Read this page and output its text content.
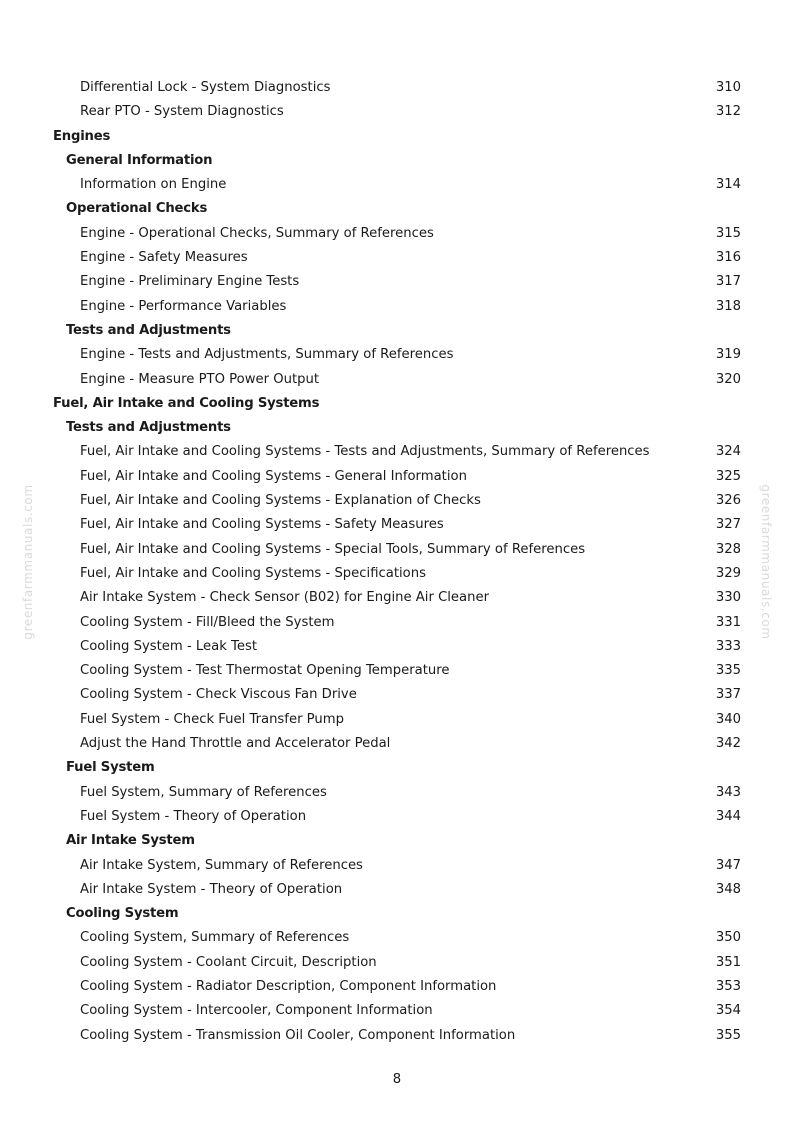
greenfarmmanuals.com	greenfarmmanuals.com
Differential Lock - System Diagnostics	310
Rear PTO - System Diagnostics	312
Engines
General Information
Information on Engine	314
Operational Checks
Engine - Operational Checks, Summary of References	315
Engine - Safety Measures	316
Engine - Preliminary Engine Tests	317
Engine - Performance Variables	318
Tests and Adjustments
Engine - Tests and Adjustments, Summary of References	319
Engine - Measure PTO Power Output	320
Fuel, Air Intake and Cooling Systems
Tests and Adjustments
Fuel, Air Intake and Cooling Systems - Tests and Adjustments, Summary of References	324
Fuel, Air Intake and Cooling Systems - General Information	325
Fuel, Air Intake and Cooling Systems - Explanation of Checks	326
Fuel, Air Intake and Cooling Systems - Safety Measures	327
Fuel, Air Intake and Cooling Systems - Special Tools, Summary of References	328
Fuel, Air Intake and Cooling Systems - Specifications	329
Air Intake System - Check Sensor (B02) for Engine Air Cleaner	330
Cooling System - Fill/Bleed the System	331
Cooling System - Leak Test	333
Cooling System - Test Thermostat Opening Temperature	335
Cooling System - Check Viscous Fan Drive	337
Fuel System - Check Fuel Transfer Pump	340
Adjust the Hand Throttle and Accelerator Pedal	342
Fuel System
Fuel System, Summary of References	343
Fuel System - Theory of Operation	344
Air Intake System
Air Intake System, Summary of References	347
Air Intake System - Theory of Operation	348
Cooling System
Cooling System, Summary of References	350
Cooling System - Coolant Circuit, Description	351
Cooling System - Radiator Description, Component Information	353
Cooling System - Intercooler, Component Information	354
Cooling System - Transmission Oil Cooler, Component Information	355
8
